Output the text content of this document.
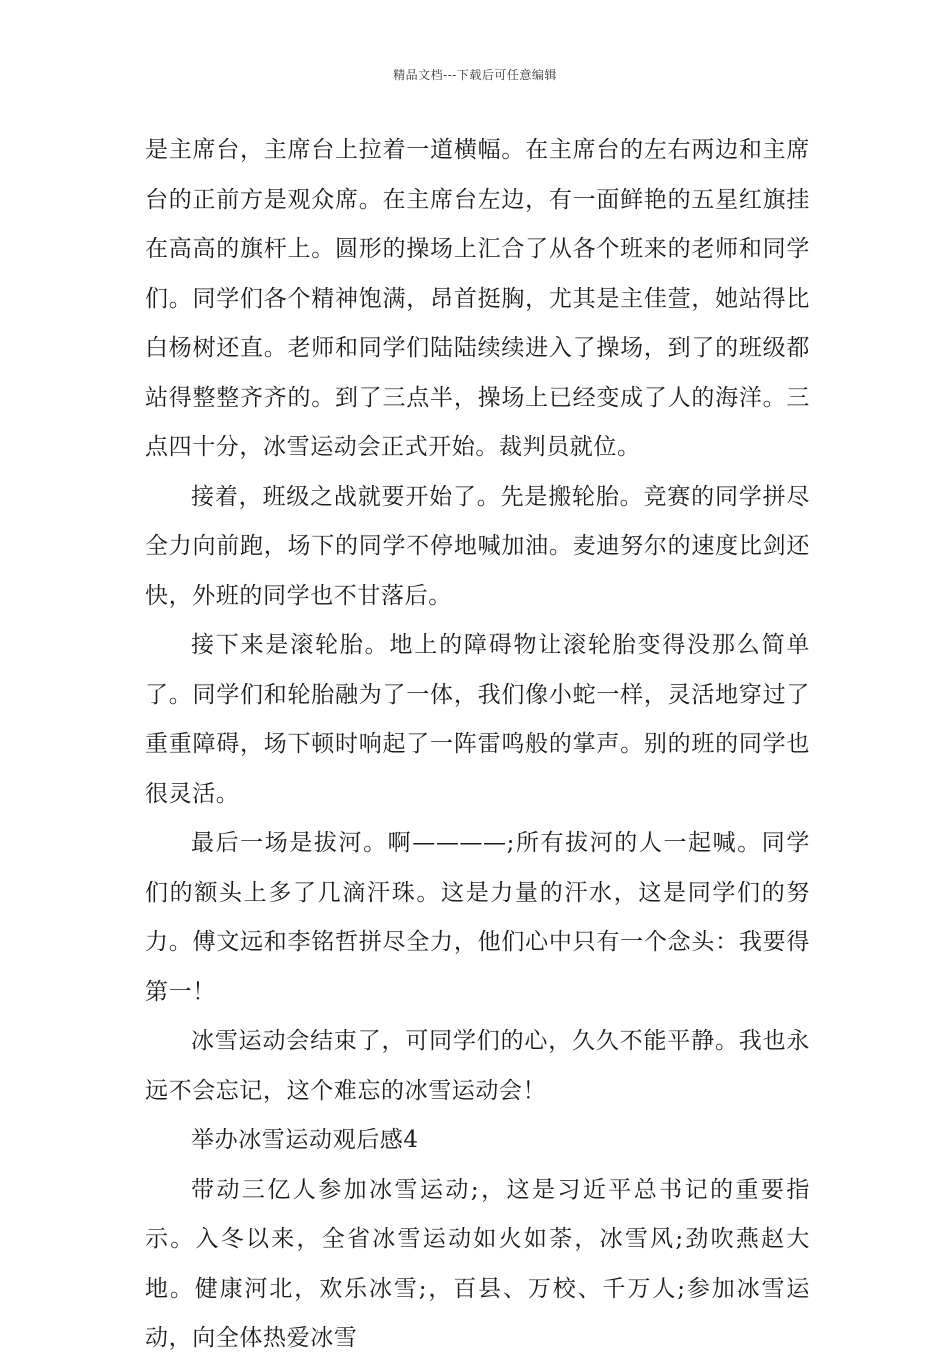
精品文档---下载后可任意编辑

是主席台，主席台上拉着一道横幅。在主席台的左右两边和主席台的正前方是观众席。在主席台左边，有一面鲜艳的五星红旗挂在高高的旗杆上。圆形的操场上汇合了从各个班来的老师和同学们。同学们各个精神饱满，昂首挺胸，尤其是主佳萱，她站得比白杨树还直。老师和同学们陆陆续续进入了操场，到了的班级都站得整整齐齐的。到了三点半，操场上已经变成了人的海洋。三点四十分，冰雪运动会正式开始。裁判员就位。

接着，班级之战就要开始了。先是搬轮胎。竞赛的同学拼尽全力向前跑，场下的同学不停地喊加油。麦迪努尔的速度比剑还快，外班的同学也不甘落后。

接下来是滚轮胎。地上的障碍物让滚轮胎变得没那么简单了。同学们和轮胎融为了一体，我们像小蛇一样，灵活地穿过了重重障碍，场下顿时响起了一阵雷鸣般的掌声。别的班的同学也很灵活。

最后一场是拔河。啊————;所有拔河的人一起喊。同学们的额头上多了几滴汗珠。这是力量的汗水，这是同学们的努力。傅文远和李铭哲拼尽全力，他们心中只有一个念头：我要得第一！

冰雪运动会结束了，可同学们的心，久久不能平静。我也永远不会忘记，这个难忘的冰雪运动会！

举办冰雪运动观后感4

带动三亿人参加冰雪运动;，这是习近平总书记的重要指示。入冬以来，全省冰雪运动如火如荼，冰雪风;劲吹燕赵大地。健康河北，欢乐冰雪;，百县、万校、千万人;参加冰雪运动，向全体热爱冰雪
